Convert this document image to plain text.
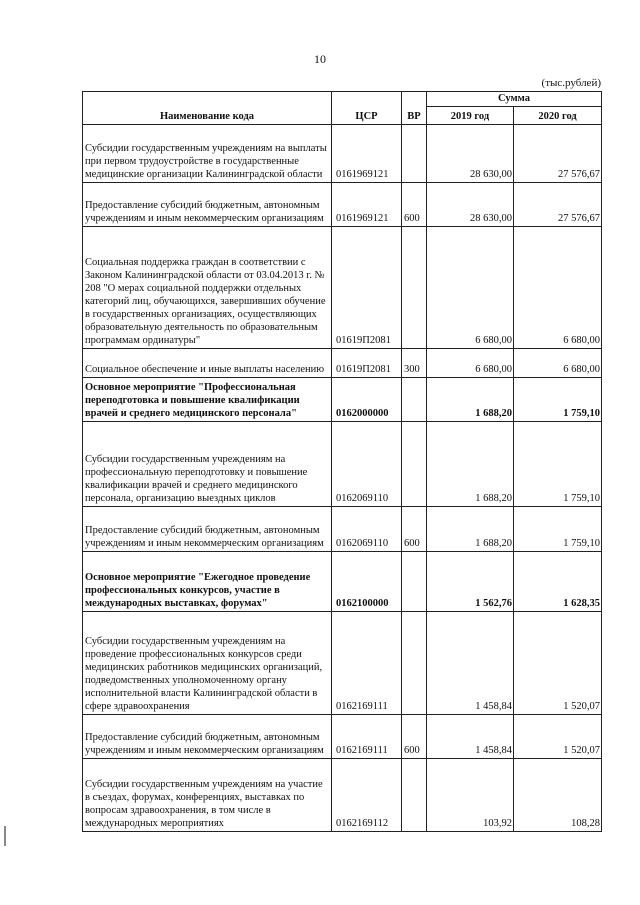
10
(тыс.рублей)
Наименование кода	ЦСР	ВР	Сумма	
			2019 год	2020 год
Субсидии государственным учреждениям на выплаты при первом трудоустройстве в государственные медицинские организации Калининградской области	0161969121		28 630,00	27 576,67
Предоставление субсидий бюджетным, автономным учреждениям и иным некоммерческим организациям	0161969121	600	28 630,00	27 576,67
Социальная поддержка граждан в соответствии с Законом Калининградской области от 03.04.2013 г. № 208 "О мерах социальной поддержки отдельных категорий лиц, обучающихся, завершивших обучение в государственных организациях, осуществляющих образовательную деятельность по образовательным программам ординатуры"	01619П2081		6 680,00	6 680,00
Социальное обеспечение и иные выплаты населению	01619П2081	300	6 680,00	6 680,00
Основное мероприятие "Профессиональная переподготовка и повышение квалификации врачей и среднего медицинского персонала"	0162000000		1 688,20	1 759,10
Субсидии государственным учреждениям на профессиональную переподготовку и повышение квалификации врачей и среднего медицинского персонала, организацию выездных циклов	0162069110		1 688,20	1 759,10
Предоставление субсидий бюджетным, автономным учреждениям и иным некоммерческим организациям	0162069110	600	1 688,20	1 759,10
Основное мероприятие "Ежегодное проведение профессиональных конкурсов, участие в международных выставках, форумах"	0162100000		1 562,76	1 628,35
Субсидии государственным учреждениям на проведение профессиональных конкурсов среди медицинских работников медицинских организаций, подведомственных уполномоченному органу исполнительной власти Калининградской области в сфере здравоохранения	0162169111		1 458,84	1 520,07
Предоставление субсидий бюджетным, автономным учреждениям и иным некоммерческим организациям	0162169111	600	1 458,84	1 520,07
Субсидии государственным учреждениям на участие в съездах, форумах, конференциях, выставках по вопросам здравоохранения, в том числе в международных мероприятиях	0162169112		103,92	108,28
